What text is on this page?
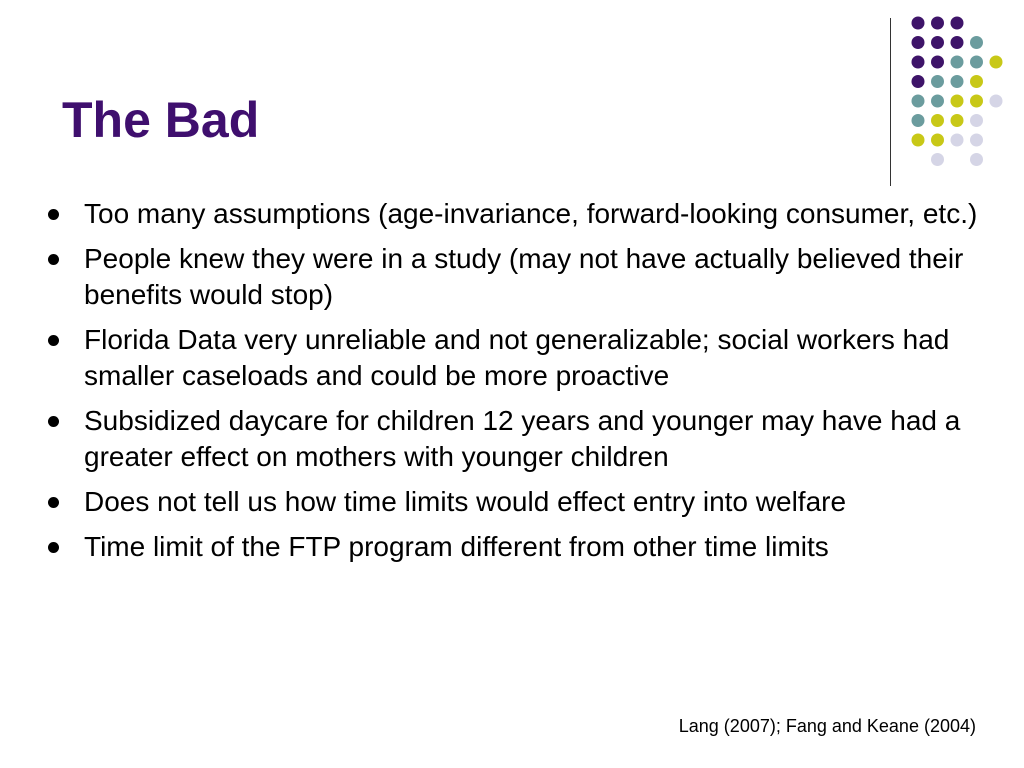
The Bad
Too many assumptions (age-invariance, forward-looking consumer, etc.)
People knew they were in a study (may not have actually believed their benefits would stop)
Florida Data very unreliable and not generalizable; social workers had smaller caseloads and could be more proactive
Subsidized daycare for children 12 years and younger may have had a greater effect on mothers with younger children
Does not tell us how time limits would effect entry into welfare
Time limit of the FTP program different from other time limits
Lang (2007); Fang and Keane (2004)
